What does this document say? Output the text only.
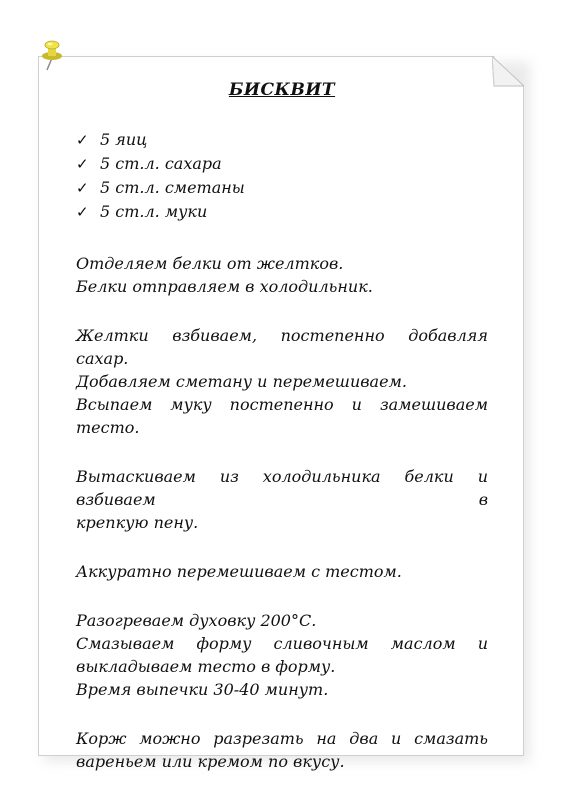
БИСКВИТ
✓ 5 яиц
✓ 5 ст.л. сахара
✓ 5 ст.л. сметаны
✓ 5 ст.л. муки
Отделяем белки от желтков.
Белки отправляем в холодильник.
Желтки взбиваем, постепенно добавляя сахар.
Добавляем сметану и перемешиваем.
Всыпаем муку постепенно и замешиваем тесто.
Вытаскиваем из холодильника белки и взбиваем в
крепкую пену.
Аккуратно перемешиваем с тестом.
Разогреваем духовку 200°С.
Смазываем форму сливочным маслом и
выкладываем тесто в форму.
Время выпечки 30-40 минут.
Корж можно разрезать на два и смазать
вареньем или кремом по вкусу.
